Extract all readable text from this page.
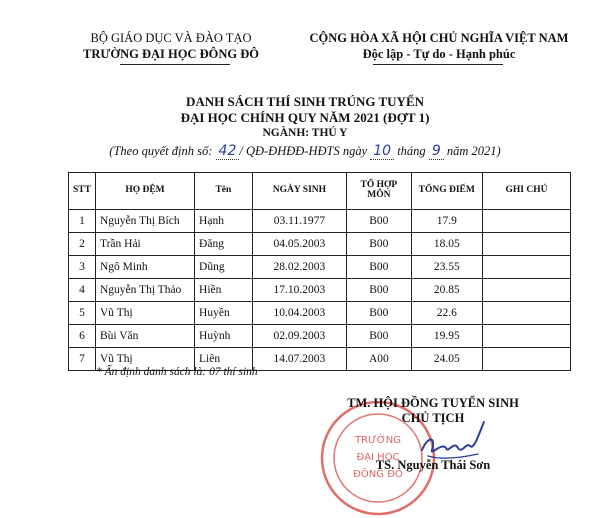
BỘ GIÁO DỤC VÀ ĐÀO TẠO
TRƯỜNG ĐẠI HỌC ĐÔNG ĐÔ
CỘNG HÒA XÃ HỘI CHỦ NGHĨA VIỆT NAM
Độc lập - Tự do - Hạnh phúc
DANH SÁCH THÍ SINH TRÚNG TUYỂN
ĐẠI HỌC CHÍNH QUY NĂM 2021 (ĐỢT 1)
NGÀNH: THÚ Y
(Theo quyết định số: 42 / QĐ-ĐHĐĐ-HĐTS ngày 10 tháng 9 năm 2021)
STT	HỌ ĐỆM	Tên	NGÀY SINH	TỔ HỢP MÔN	TỔNG ĐIỂM	GHI CHÚ
1	Nguyễn Thị Bích	Hạnh	03.11.1977	B00	17.9	
2	Trần Hải	Đăng	04.05.2003	B00	18.05	
3	Ngô Minh	Dũng	28.02.2003	B00	23.55	
4	Nguyễn Thị Thảo	Hiền	17.10.2003	B00	20.85	
5	Vũ Thị	Huyền	10.04.2003	B00	22.6	
6	Bùi Văn	Huỳnh	02.09.2003	B00	19.95	
7	Vũ Thị	Liên	14.07.2003	A00	24.05	
* Ấn định danh sách là: 07 thí sinh
TRƯỜNG
ĐẠI HỌC
ĐÔNG ĐÔ
TM. HỘI ĐỒNG TUYỂN SINH
CHỦ TỊCH
TS. Nguyễn Thái Sơn
